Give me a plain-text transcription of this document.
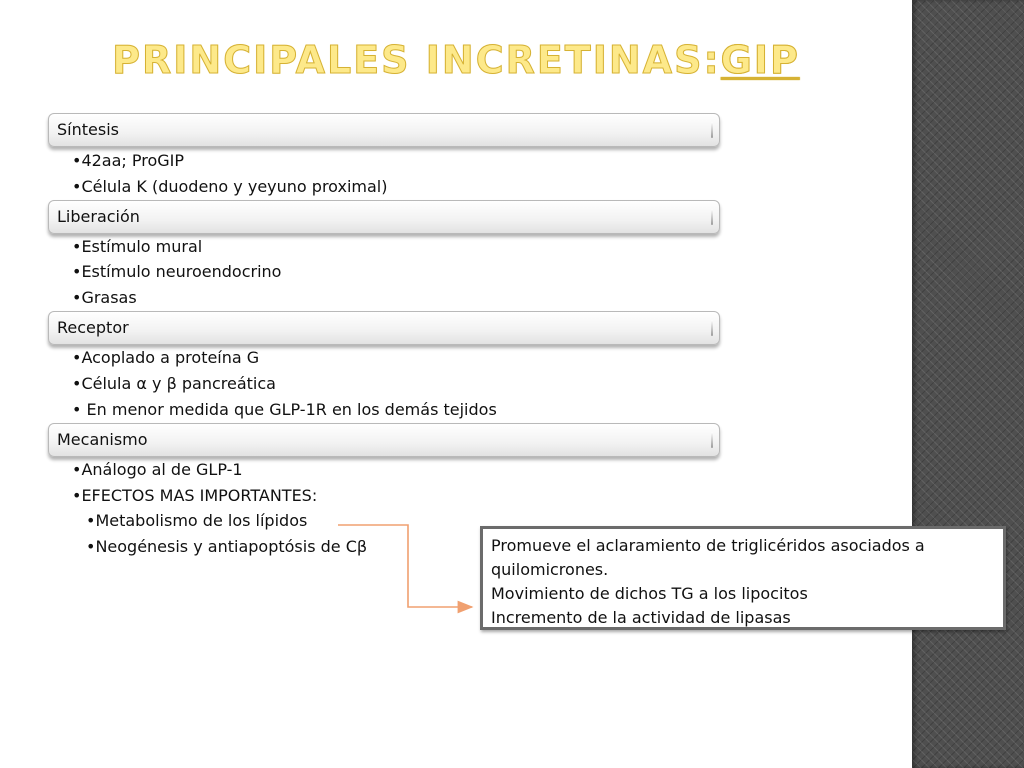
PRINCIPALES INCRETINAS:GIP
Síntesis
•42aa; ProGIP
•Célula K (duodeno y yeyuno proximal)
Liberación
•Estímulo mural
•Estímulo neuroendocrino
•Grasas
Receptor
•Acoplado a proteína G
•Célula α y β pancreática
• En menor medida que GLP-1R en los demás tejidos
Mecanismo
•Análogo al de GLP-1
•EFECTOS MAS IMPORTANTES:
•Metabolismo de los lípidos
•Neogénesis y antiapoptósis de Cβ	Promueve el aclaramiento de triglicéridos asociados a quilomicrones.
Movimiento de dichos TG a los lipocitos
Incremento de la actividad de lipasas
